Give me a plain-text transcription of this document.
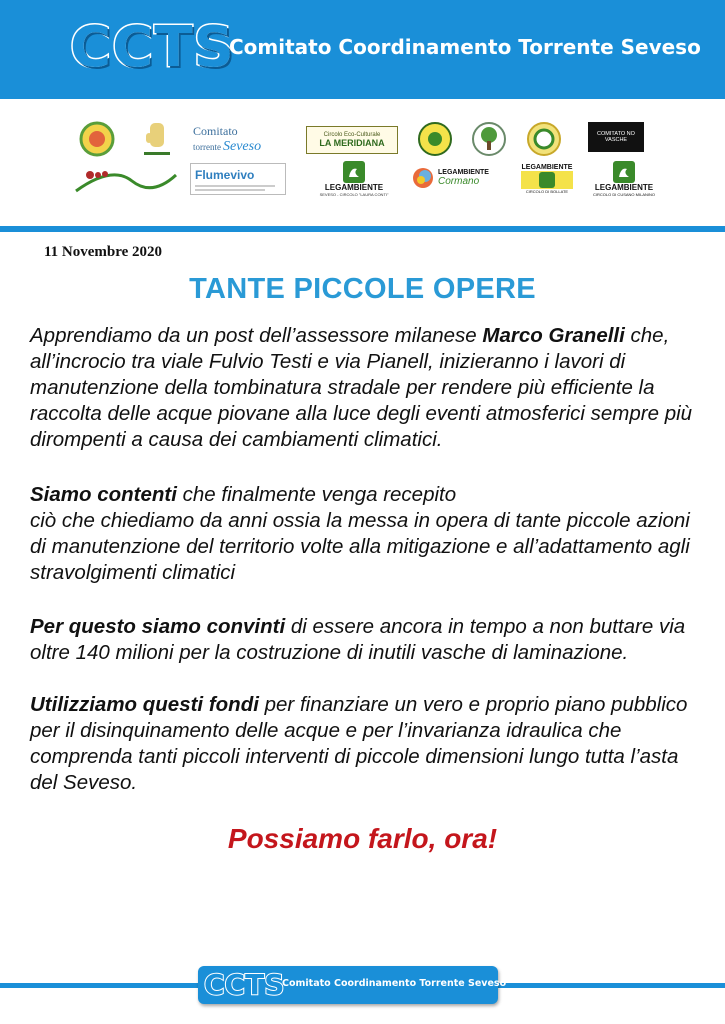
CCTS
Comitato Coordinamento Torrente Seveso
Comitato
torrente Seveso
Circolo Eco-Culturale
LA MERIDIANA
COMITATO NO VASCHE
Flumevivo
LEGAMBIENTE
SEVESO - CIRCOLO "LAURA CONTI"
LEGAMBIENTE
Cormano
LEGAMBIENTE
CIRCOLO DI BOLLATE	LEGAMBIENTE
CIRCOLO DI CUSANO MILANINO
11 Novembre 2020
TANTE PICCOLE OPERE
Apprendiamo da un post dell’assessore milanese Marco Granelli che, all’incrocio tra viale Fulvio Testi e via Pianell, inizieranno i lavori di manutenzione della tombinatura stradale per rendere più efficiente la raccolta delle acque piovane alla luce degli eventi atmosferici sempre più dirompenti a causa dei cambiamenti climatici.
Siamo contenti che finalmente venga recepito
ciò che chiediamo da anni ossia la messa in opera di tante piccole azioni di manutenzione del territorio volte alla mitigazione e all’adattamento agli stravolgimenti climatici
Per questo siamo convinti di essere ancora in tempo a non buttare via oltre 140 milioni per la costruzione di inutili vasche di laminazione.
Utilizziamo questi fondi per finanziare un vero e proprio piano pubblico per il disinquinamento delle acque e per l’invarianza idraulica che comprenda tanti piccoli interventi di piccole dimensioni lungo tutta l’asta del Seveso.
Possiamo farlo, ora!
CCTS
Comitato Coordinamento Torrente Seveso
